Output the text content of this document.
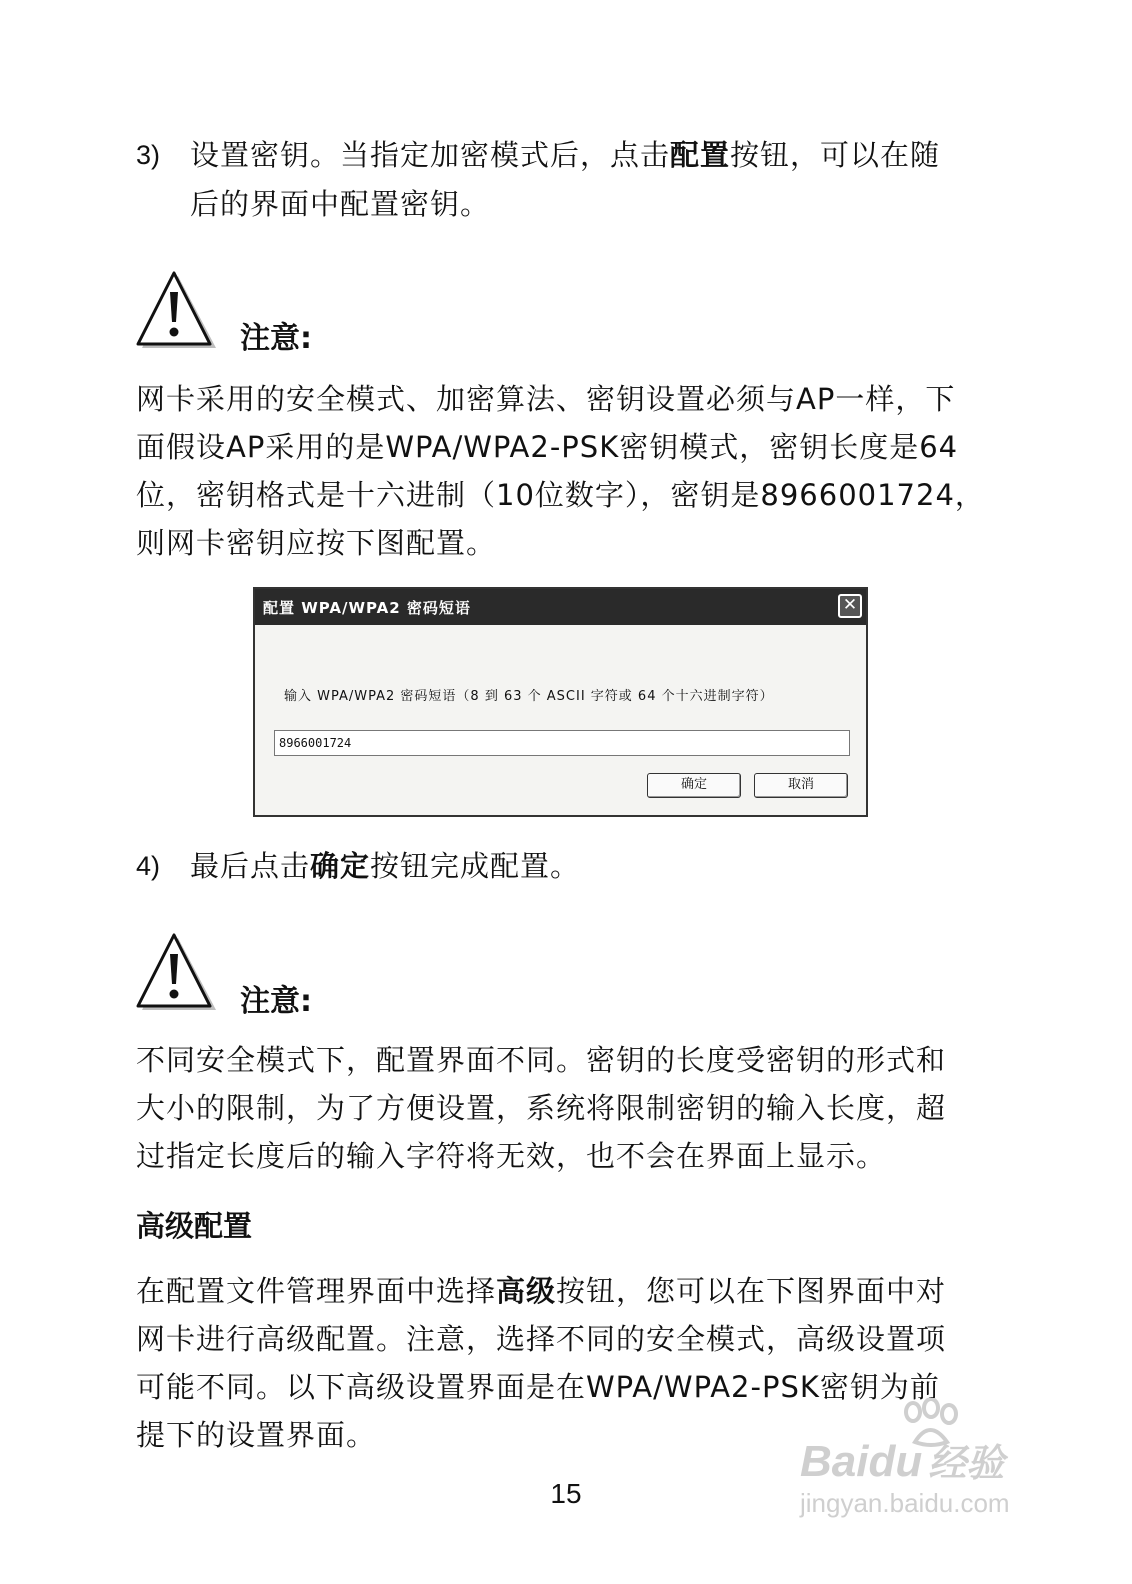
3) 设置密钥。当指定加密模式后，点击配置按钮，可以在随
后的界面中配置密钥。
注意:
网卡采用的安全模式、加密算法、密钥设置必须与AP一样，下
面假设AP采用的是WPA/WPA2-PSK密钥模式，密钥长度是64
位，密钥格式是十六进制（10位数字），密钥是8966001724，
则网卡密钥应按下图配置。
配置 WPA/WPA2 密码短语	✕
输入 WPA/WPA2 密码短语（8 到 63 个 ASCII 字符或 64 个十六进制字符）
8966001724
确定	取消
4) 最后点击确定按钮完成配置。
注意:
不同安全模式下，配置界面不同。密钥的长度受密钥的形式和
大小的限制，为了方便设置，系统将限制密钥的输入长度，超
过指定长度后的输入字符将无效，也不会在界面上显示。
高级配置
在配置文件管理界面中选择高级按钮，您可以在下图界面中对
网卡进行高级配置。注意，选择不同的安全模式，高级设置项
可能不同。以下高级设置界面是在WPA/WPA2-PSK密钥为前
提下的设置界面。
15
Baidu 经验
jingyan.baidu.com
